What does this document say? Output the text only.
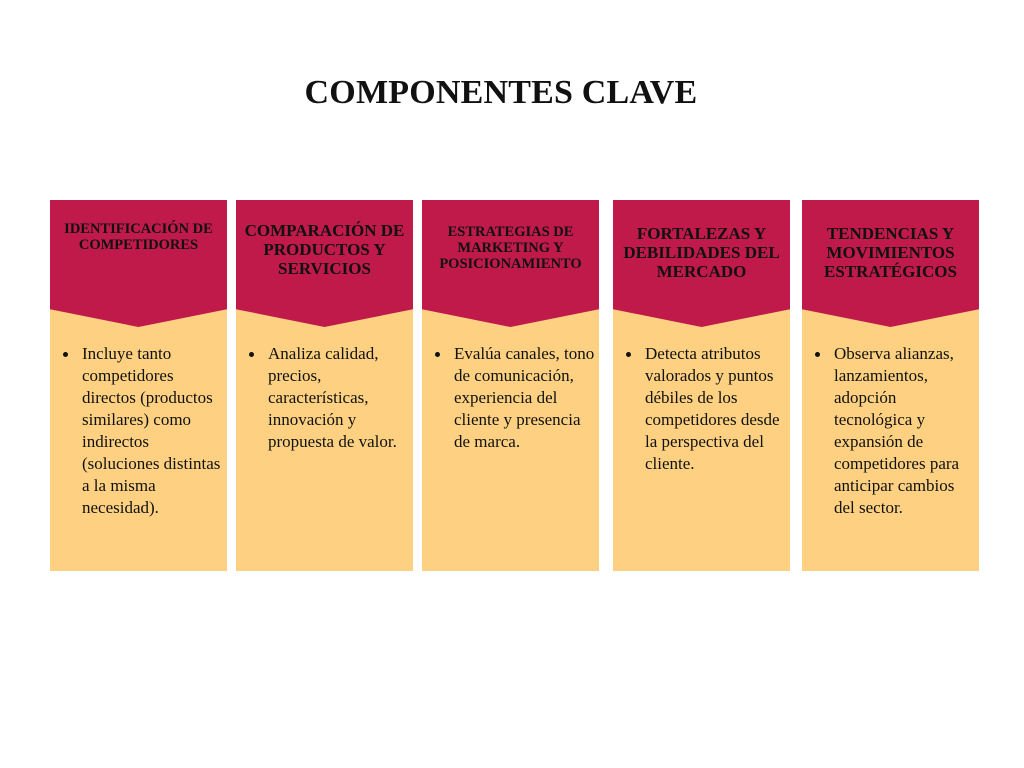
COMPONENTES CLAVE
IDENTIFICACIÓN DE COMPETIDORES
Incluye tanto competidores directos (productos similares) como indirectos (soluciones distintas a la misma necesidad).
COMPARACIÓN DE PRODUCTOS Y SERVICIOS
Analiza calidad, precios, características, innovación y propuesta de valor.
ESTRATEGIAS DE MARKETING Y POSICIONAMIENTO
Evalúa canales, tono de comunicación, experiencia del cliente y presencia de marca.
FORTALEZAS Y DEBILIDADES DEL MERCADO
Detecta atributos valorados y puntos débiles de los competidores desde la perspectiva del cliente.
TENDENCIAS Y MOVIMIENTOS ESTRATÉGICOS
Observa alianzas, lanzamientos, adopción tecnológica y expansión de competidores para anticipar cambios del sector.
